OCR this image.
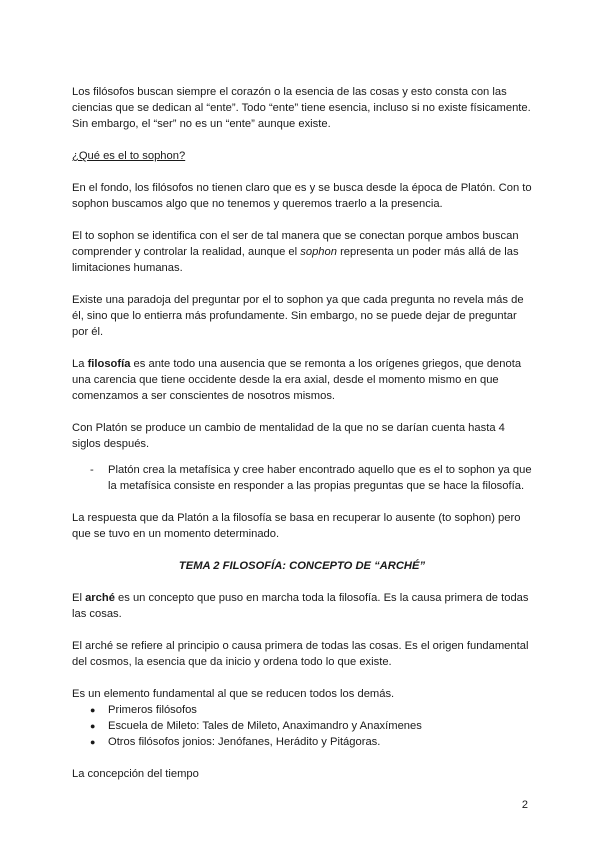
Los filósofos buscan siempre el corazón o la esencia de las cosas y esto consta con las ciencias que se dedican al “ente”. Todo “ente” tiene esencia, incluso si no existe físicamente. Sin embargo, el “ser” no es un “ente” aunque existe.

¿Qué es el to sophon?

En el fondo, los filósofos no tienen claro que es y se busca desde la época de Platón. Con to sophon buscamos algo que no tenemos y queremos traerlo a la presencia.

El to sophon se identifica con el ser de tal manera que se conectan porque ambos buscan comprender y controlar la realidad, aunque el sophon representa un poder más allá de las limitaciones humanas.

Existe una paradoja del preguntar por el to sophon ya que cada pregunta no revela más de él, sino que lo entierra más profundamente. Sin embargo, no se puede dejar de preguntar por él.

La filosofía es ante todo una ausencia que se remonta a los orígenes griegos, que denota una carencia que tiene occidente desde la era axial, desde el momento mismo en que comenzamos a ser conscientes de nosotros mismos.

Con Platón se produce un cambio de mentalidad de la que no se darían cuenta hasta 4 siglos después.

- Platón crea la metafísica y cree haber encontrado aquello que es el to sophon ya que la metafísica consiste en responder a las propias preguntas que se hace la filosofía.

La respuesta que da Platón a la filosofía se basa en recuperar lo ausente (to sophon) pero que se tuvo en un momento determinado.

TEMA 2 FILOSOFÍA: CONCEPTO DE “ARCHÉ”

El arché es un concepto que puso en marcha toda la filosofía. Es la causa primera de todas las cosas.

El arché se refiere al principio o causa primera de todas las cosas. Es el origen fundamental del cosmos, la esencia que da inicio y ordena todo lo que existe.

Es un elemento fundamental al que se reducen todos los demás.

● Primeros filósofos
● Escuela de Mileto: Tales de Mileto, Anaximandro y Anaxímenes
● Otros filósofos jonios: Jenófanes, Herádito y Pitágoras.

La concepción del tiempo

2
